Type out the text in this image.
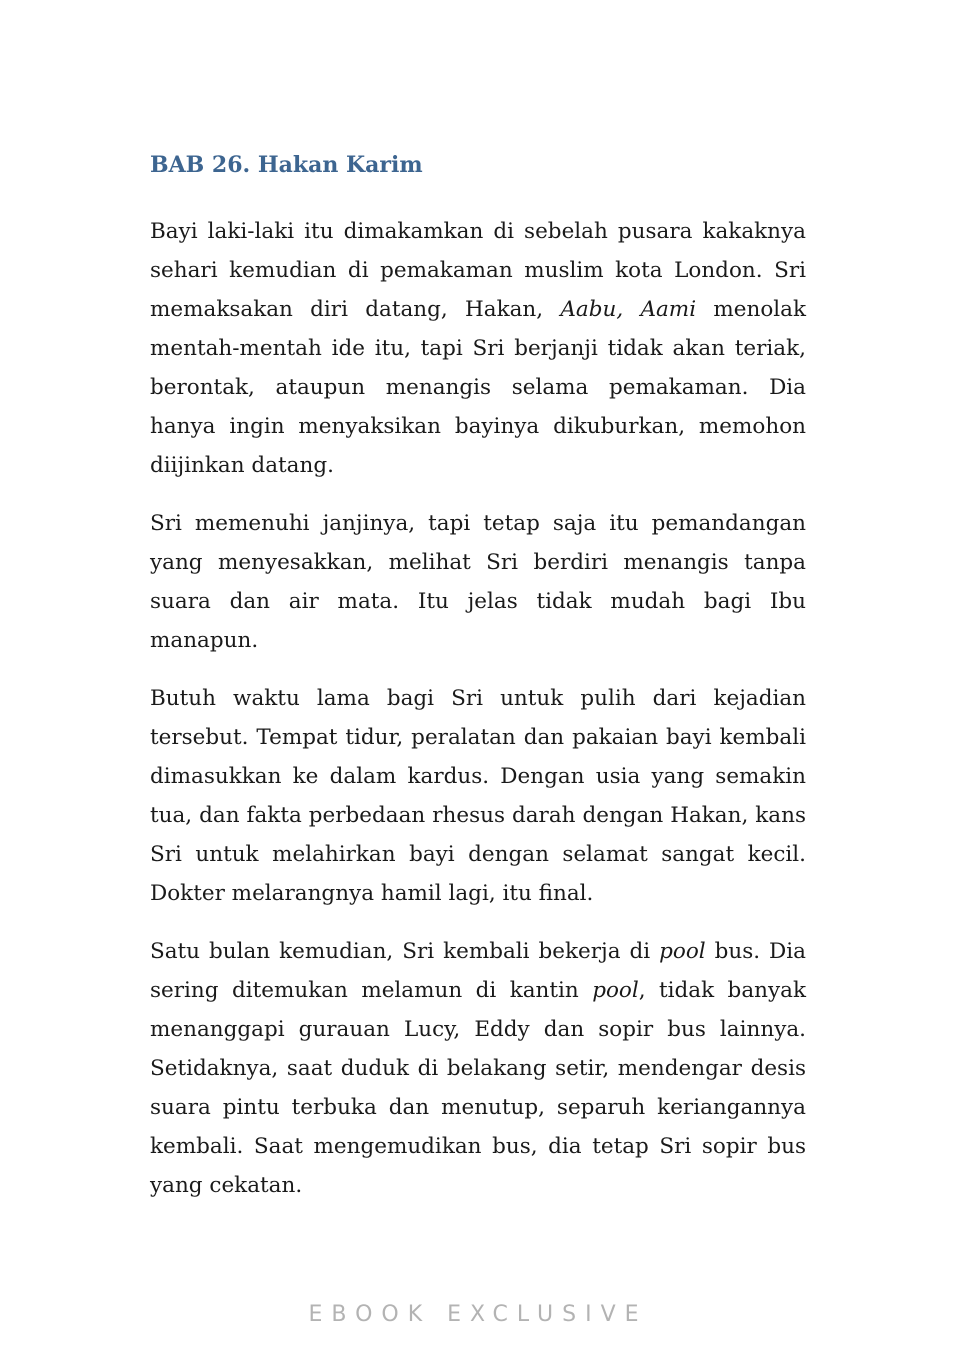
BAB 26. Hakan Karim

Bayi laki-laki itu dimakamkan di sebelah pusara kakaknya sehari kemudian di pemakaman muslim kota London. Sri memaksakan diri datang, Hakan, Aabu, Aami menolak mentah-mentah ide itu, tapi Sri berjanji tidak akan teriak, berontak, ataupun menangis selama pemakaman. Dia hanya ingin menyaksikan bayinya dikuburkan, memohon diijinkan datang.

Sri memenuhi janjinya, tapi tetap saja itu pemandangan yang menyesakkan, melihat Sri berdiri menangis tanpa suara dan air mata. Itu jelas tidak mudah bagi Ibu manapun.

Butuh waktu lama bagi Sri untuk pulih dari kejadian tersebut. Tempat tidur, peralatan dan pakaian bayi kembali dimasukkan ke dalam kardus. Dengan usia yang semakin tua, dan fakta perbedaan rhesus darah dengan Hakan, kans Sri untuk melahirkan bayi dengan selamat sangat kecil. Dokter melarangnya hamil lagi, itu final.

Satu bulan kemudian, Sri kembali bekerja di pool bus. Dia sering ditemukan melamun di kantin pool, tidak banyak menanggapi gurauan Lucy, Eddy dan sopir bus lainnya. Setidaknya, saat duduk di belakang setir, mendengar desis suara pintu terbuka dan menutup, separuh keriangannya kembali. Saat mengemudikan bus, dia tetap Sri sopir bus yang cekatan.

EBOOK EXCLUSIVE
